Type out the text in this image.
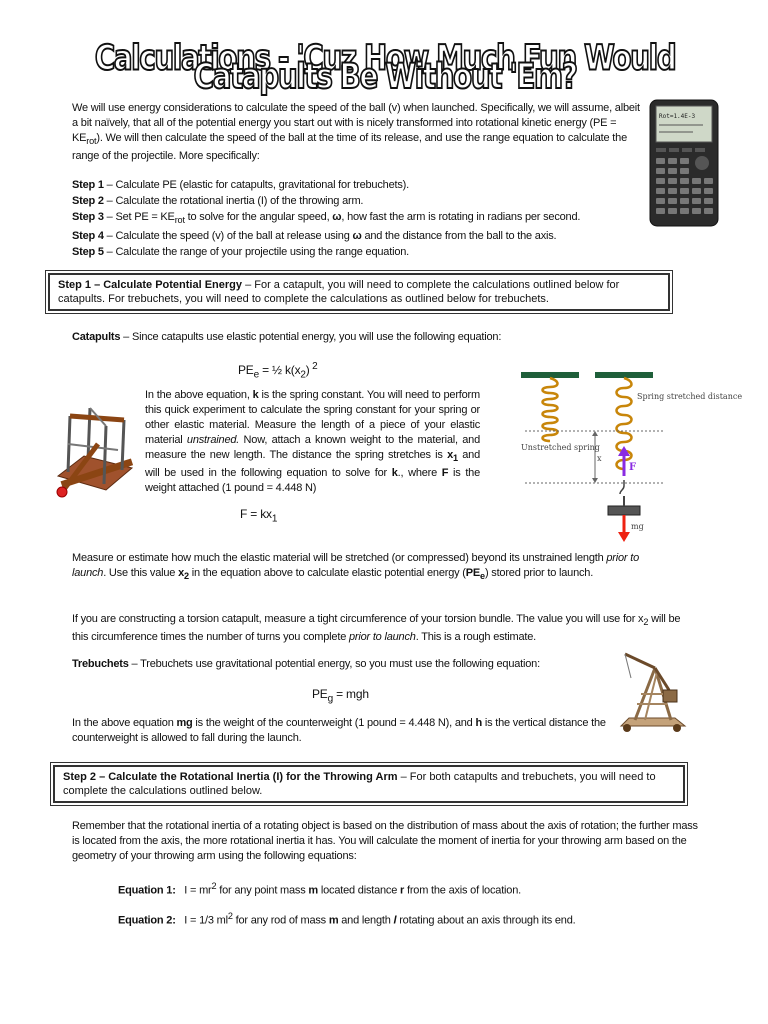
Calculations - 'Cuz How Much Fun Would Catapults Be Without 'Em?

We will use energy considerations to calculate the speed of the ball (v) when launched. Specifically, we will assume, albeit a bit naïvely, that all of the potential energy you start out with is nicely transformed into rotational kinetic energy $(PE = KE_{rot})$. We will then calculate the speed of the ball at the time of its release, and use the range equation to calculate the range of the projectile. More specifically:

Rot=1.4E-3

Step 1 – Calculate PE (elastic for catapults, gravitational for trebuchets).

Step 2 – Calculate the rotational inertia (I) of the throwing arm.

Step 3 – Set PE = $KE_{rot}$ to solve for the angular speed, ω, how fast the arm is rotating in radians per second.

Step 4 – Calculate the speed (v) of the ball at release using ω and the distance from the ball to the axis.

Step 5 – Calculate the range of your projectile using the range equation.

Step 1 – Calculate Potential Energy – For a catapult, you will need to complete the calculations outlined below for catapults. For trebuchets, you will need to complete the calculations as outlined below for trebuchets.

Catapults – Since catapults use elastic potential energy, you will use the following equation:

$PE_e$ = ½ $k(x_2)$ $^2$

In the above equation, k is the spring constant. You will need to perform this quick experiment to calculate the spring constant for your spring or other elastic material. Measure the length of a piece of your elastic material unstrained. Now, attach a known weight to the material, and measure the new length. The distance the spring stretches is $x_1$ and will be used in the following equation to solve for k., where F is the weight attached (1 pound = 4.448 N)

$F = kx_1$

x
Spring stretched distance
Unstretched spring
F
mg

Measure or estimate how much the elastic material will be stretched (or compressed) beyond its unstrained length prior to launch. Use this value $x_2$ in the equation above to calculate elastic potential energy $(PE_e)$ stored prior to launch.

If you are constructing a torsion catapult, measure a tight circumference of your torsion bundle. The value you will use for $x_2$ will be this circumference times the number of turns you complete prior to launch. This is a rough estimate.

Trebuchets – Trebuchets use gravitational potential energy, so you must use the following equation:

$PE_g$ = mgh

In the above equation mg is the weight of the counterweight (1 pound = 4.448 N), and h is the vertical distance the counterweight is allowed to fall during the launch.

Step 2 – Calculate the Rotational Inertia (I) for the Throwing Arm – For both catapults and trebuchets, you will need to complete the calculations outlined below.

Remember that the rotational inertia of a rotating object is based on the distribution of mass about the axis of rotation; the further mass is located from the axis, the more rotational inertia it has. You will calculate the moment of inertia for your throwing arm based on the geometry of your throwing arm using the following equations:

Equation 1: $I = mr^2$ for any point mass m located distance r from the axis of location.

Equation 2: I = 1/3 $ml^2$ for any rod of mass m and length l rotating about an axis through its end.
